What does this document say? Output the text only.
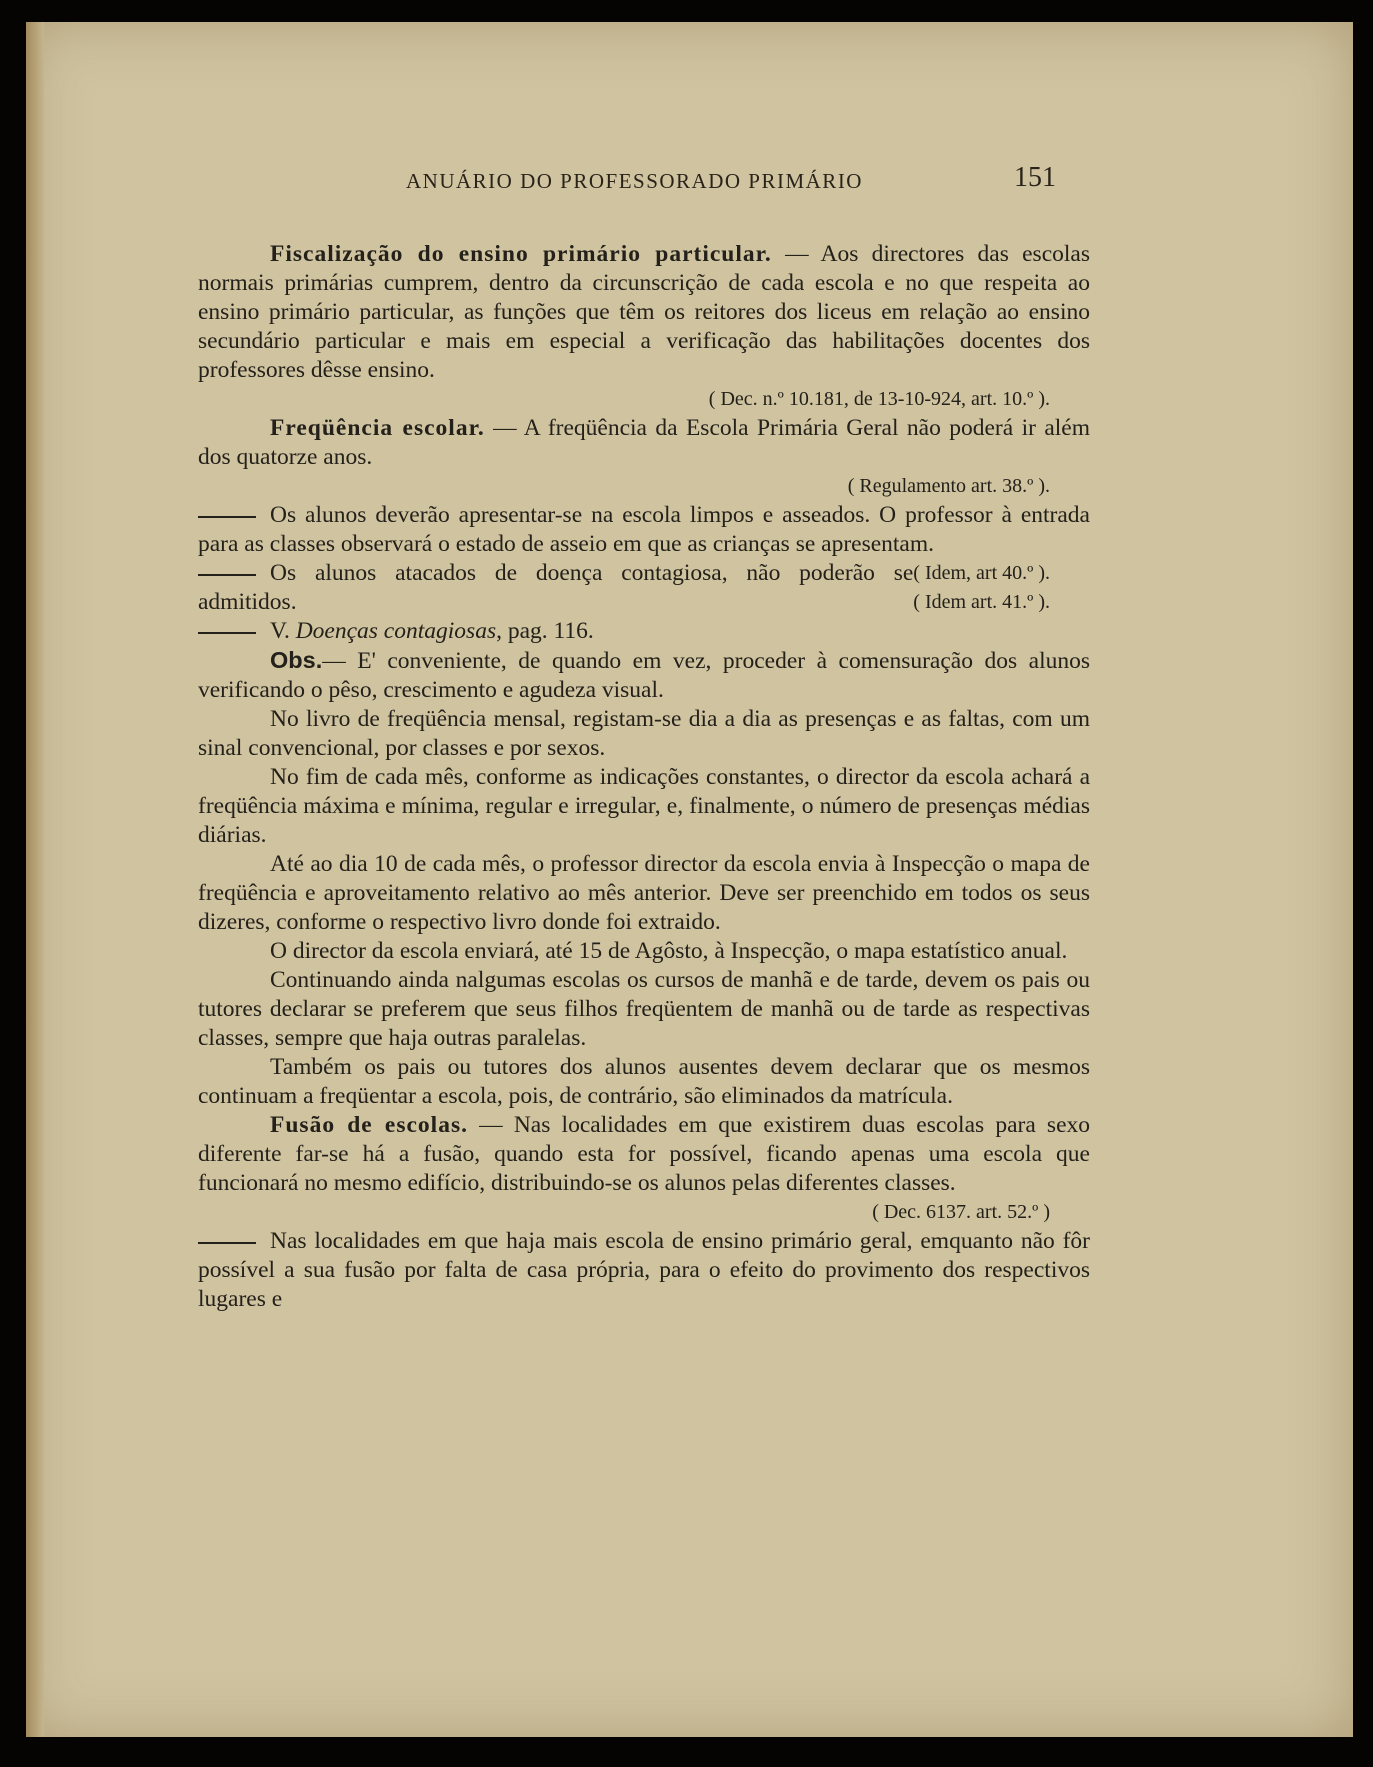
ANUÁRIO DO PROFESSORADO PRIMÁRIO	151

Fiscalização do ensino primário particular. — Aos directores das escolas normais primárias cumprem, dentro da circunscrição de cada escola e no que respeita ao ensino primário particular, as funções que têm os reitores dos liceus em relação ao ensino secundário particular e mais em especial a verificação das habilitações docentes dos professores dêsse ensino.

( Dec. n.º 10.181, de 13-10-924, art. 10.º ).

Freqüência escolar. — A freqüência da Escola Primária Geral não poderá ir além dos quatorze anos.

( Regulamento art. 38.º ).

Os alunos deverão apresentar-se na escola limpos e asseados. O professor à entrada para as classes observará o estado de asseio em que as crianças se apresentam.
( Idem, art 40.º ).

Os alunos atacados de doença contagiosa, não poderão se admitidos.	( Idem art. 41.º ).

V. Doenças contagiosas, pag. 116.

Obs.— E' conveniente, de quando em vez, proceder à comensuração dos alunos verificando o pêso, crescimento e agudeza visual.

No livro de freqüência mensal, registam-se dia a dia as presenças e as faltas, com um sinal convencional, por classes e por sexos.

No fim de cada mês, conforme as indicações constantes, o director da escola achará a freqüência máxima e mínima, regular e irregular, e, finalmente, o número de presenças médias diárias.

Até ao dia 10 de cada mês, o professor director da escola envia à Inspecção o mapa de freqüência e aproveitamento relativo ao mês anterior. Deve ser preenchido em todos os seus dizeres, conforme o respectivo livro donde foi extraido.

O director da escola enviará, até 15 de Agôsto, à Inspecção, o mapa estatístico anual.

Continuando ainda nalgumas escolas os cursos de manhã e de tarde, devem os pais ou tutores declarar se preferem que seus filhos freqüentem de manhã ou de tarde as respectivas classes, sempre que haja outras paralelas.

Também os pais ou tutores dos alunos ausentes devem declarar que os mesmos continuam a freqüentar a escola, pois, de contrário, são eliminados da matrícula.

Fusão de escolas. — Nas localidades em que existirem duas escolas para sexo diferente far-se há a fusão, quando esta for possível, ficando apenas uma escola que funcionará no mesmo edifício, distribuindo-se os alunos pelas diferentes classes.

( Dec. 6137. art. 52.º )

Nas localidades em que haja mais escola de ensino primário geral, emquanto não fôr possível a sua fusão por falta de casa própria, para o efeito do provimento dos respectivos lugares e
